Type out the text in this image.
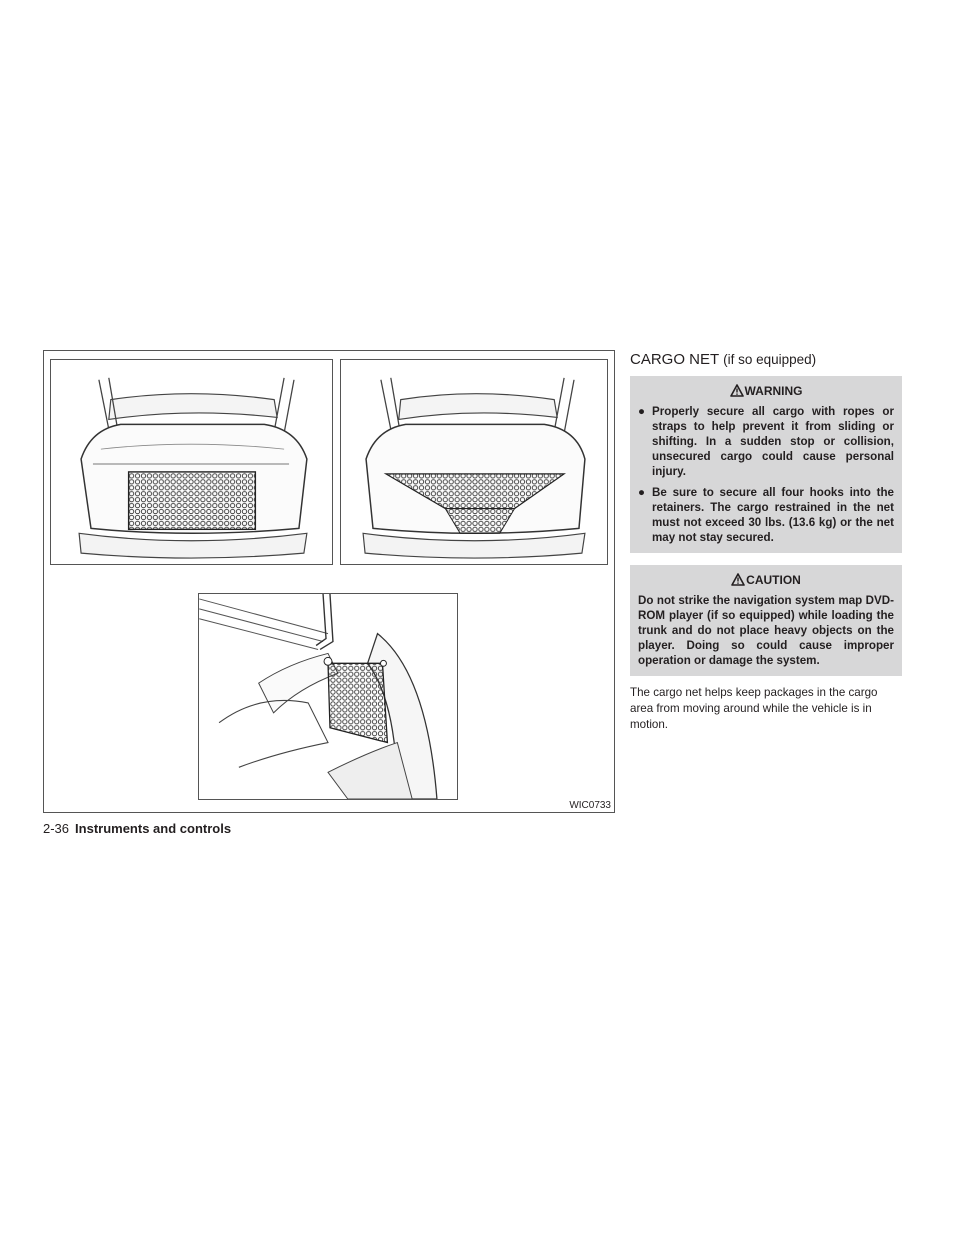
WIC0733
CARGO NET (if so equipped)
WARNING
● Properly secure all cargo with ropes or straps to help prevent it from sliding or shifting. In a sudden stop or collision, unsecured cargo could cause personal injury.
● Be sure to secure all four hooks into the retainers. The cargo restrained in the net must not exceed 30 lbs. (13.6 kg) or the net may not stay secured.
CAUTION
Do not strike the navigation system map DVD-ROM player (if so equipped) while loading the trunk and do not place heavy objects on the player. Doing so could cause improper operation or damage the system.

The cargo net helps keep packages in the cargo area from moving around while the vehicle is in motion.

2-36 Instruments and controls
